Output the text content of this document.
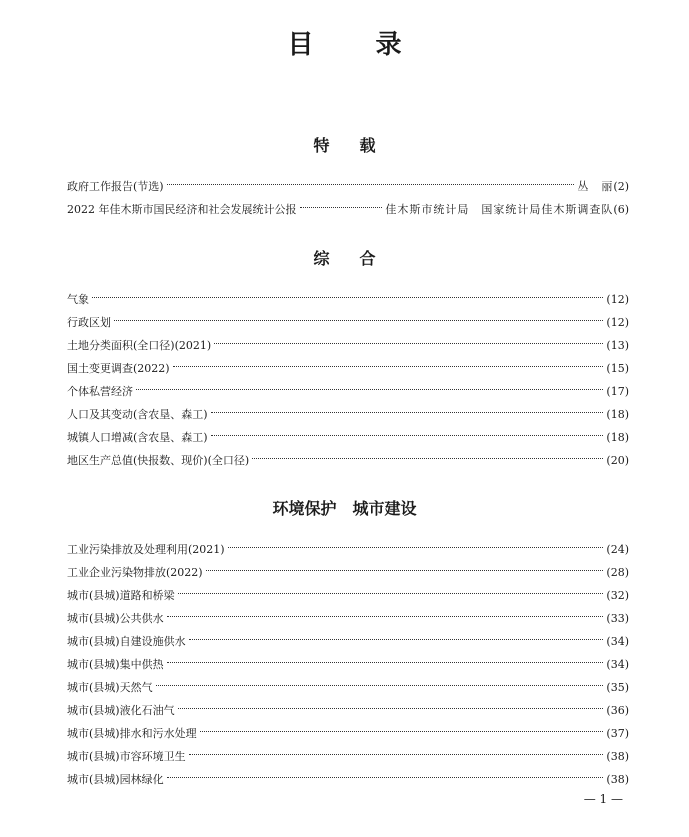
目录
特载
政府工作报告(节选)	丛　丽 (2)
2022 年佳木斯市国民经济和社会发展统计公报	佳木斯市统计局　国家统计局佳木斯调查队 (6)
综合
气象	(12)
行政区划	(12)
土地分类面积(全口径)(2021)	(13)
国土变更调查(2022)	(15)
个体私营经济	(17)
人口及其变动(含农垦、森工)	(18)
城镇人口增减(含农垦、森工)	(18)
地区生产总值(快报数、现价)(全口径)	(20)
环境保护　城市建设
工业污染排放及处理利用(2021)	(24)
工业企业污染物排放(2022)	(28)
城市(县城)道路和桥梁	(32)
城市(县城)公共供水	(33)
城市(县城)自建设施供水	(34)
城市(县城)集中供热	(34)
城市(县城)天然气	(35)
城市(县城)液化石油气	(36)
城市(县城)排水和污水处理	(37)
城市(县城)市容环境卫生	(38)
城市(县城)园林绿化	(38)
— 1 —
